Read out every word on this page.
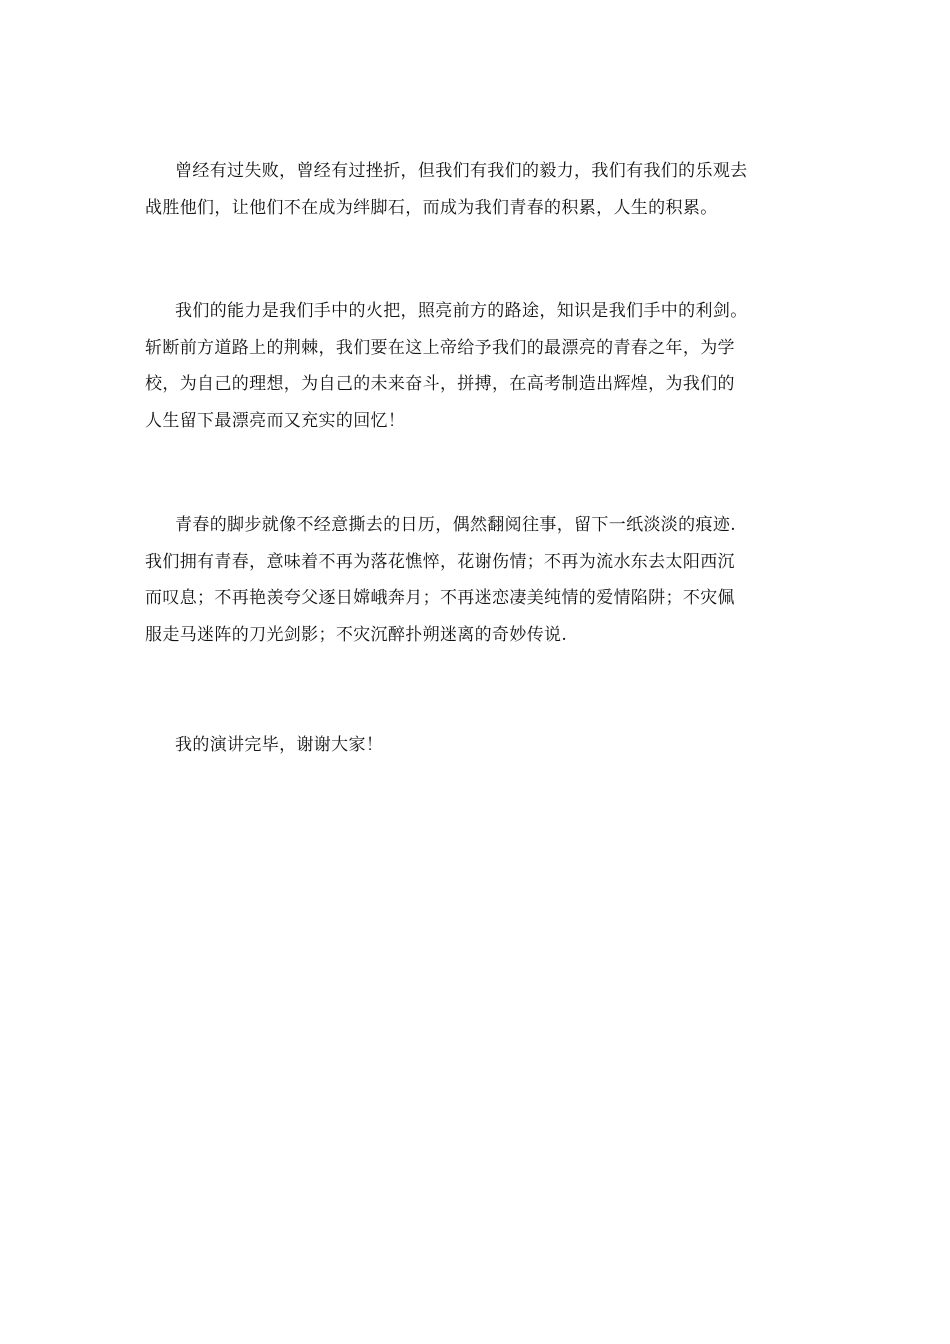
曾经有过失败，曾经有过挫折，但我们有我们的毅力，我们有我们的乐观去
战胜他们，让他们不在成为绊脚石，而成为我们青春的积累，人生的积累。

我们的能力是我们手中的火把，照亮前方的路途，知识是我们手中的利剑。
斩断前方道路上的荆棘，我们要在这上帝给予我们的最漂亮的青春之年，为学
校，为自己的理想，为自己的未来奋斗，拼搏，在高考制造出辉煌，为我们的
人生留下最漂亮而又充实的回忆！

青春的脚步就像不经意撕去的日历，偶然翻阅往事，留下一纸淡淡的痕迹.
我们拥有青春，意味着不再为落花憔悴，花谢伤情；不再为流水东去太阳西沉
而叹息；不再艳羡夸父逐日嫦峨奔月；不再迷恋凄美纯情的爱情陷阱；不灾佩
服走马迷阵的刀光剑影；不灾沉醉扑朔迷离的奇妙传说.

我的演讲完毕，谢谢大家！
